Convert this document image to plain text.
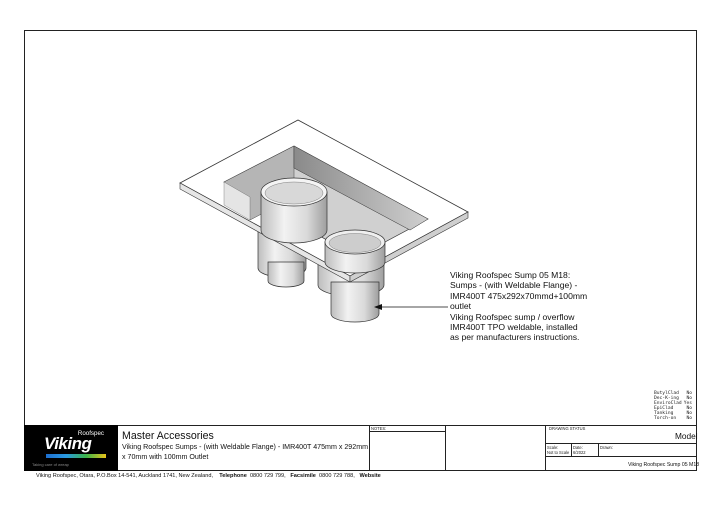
Viking Roofspec Sump 05 M18:
Sumps - (with Weldable Flange) -
IMR400T 475x292x70mmd+100mm
outlet
Viking Roofspec sump / overflow
IMR400T TPO weldable, installed
as per manufacturers instructions.
ButylClad No
Dec-K-ing No
EnviroClad Yes
EpiClad	No
Tanking	No
Torch-on No
Roofspec
Viking
Taking care of wreap
Master Accessories
Viking Roofspec Sumps - (with Weldable Flange) - IMR400T 475mm x 292mm x 70mm with 100mm Outlet
NOTES:	DRAWING STATUS
Model
Scale:
Not to Scale
Date:
6/2022
Drawn:
Viking Roofspec Sump 05 M18
Viking Roofspec, Otara, P.O.Box 14-541, Auckland 1741, New Zealand, Telephone 0800 729 799, Facsimile 0800 729 788, Website
